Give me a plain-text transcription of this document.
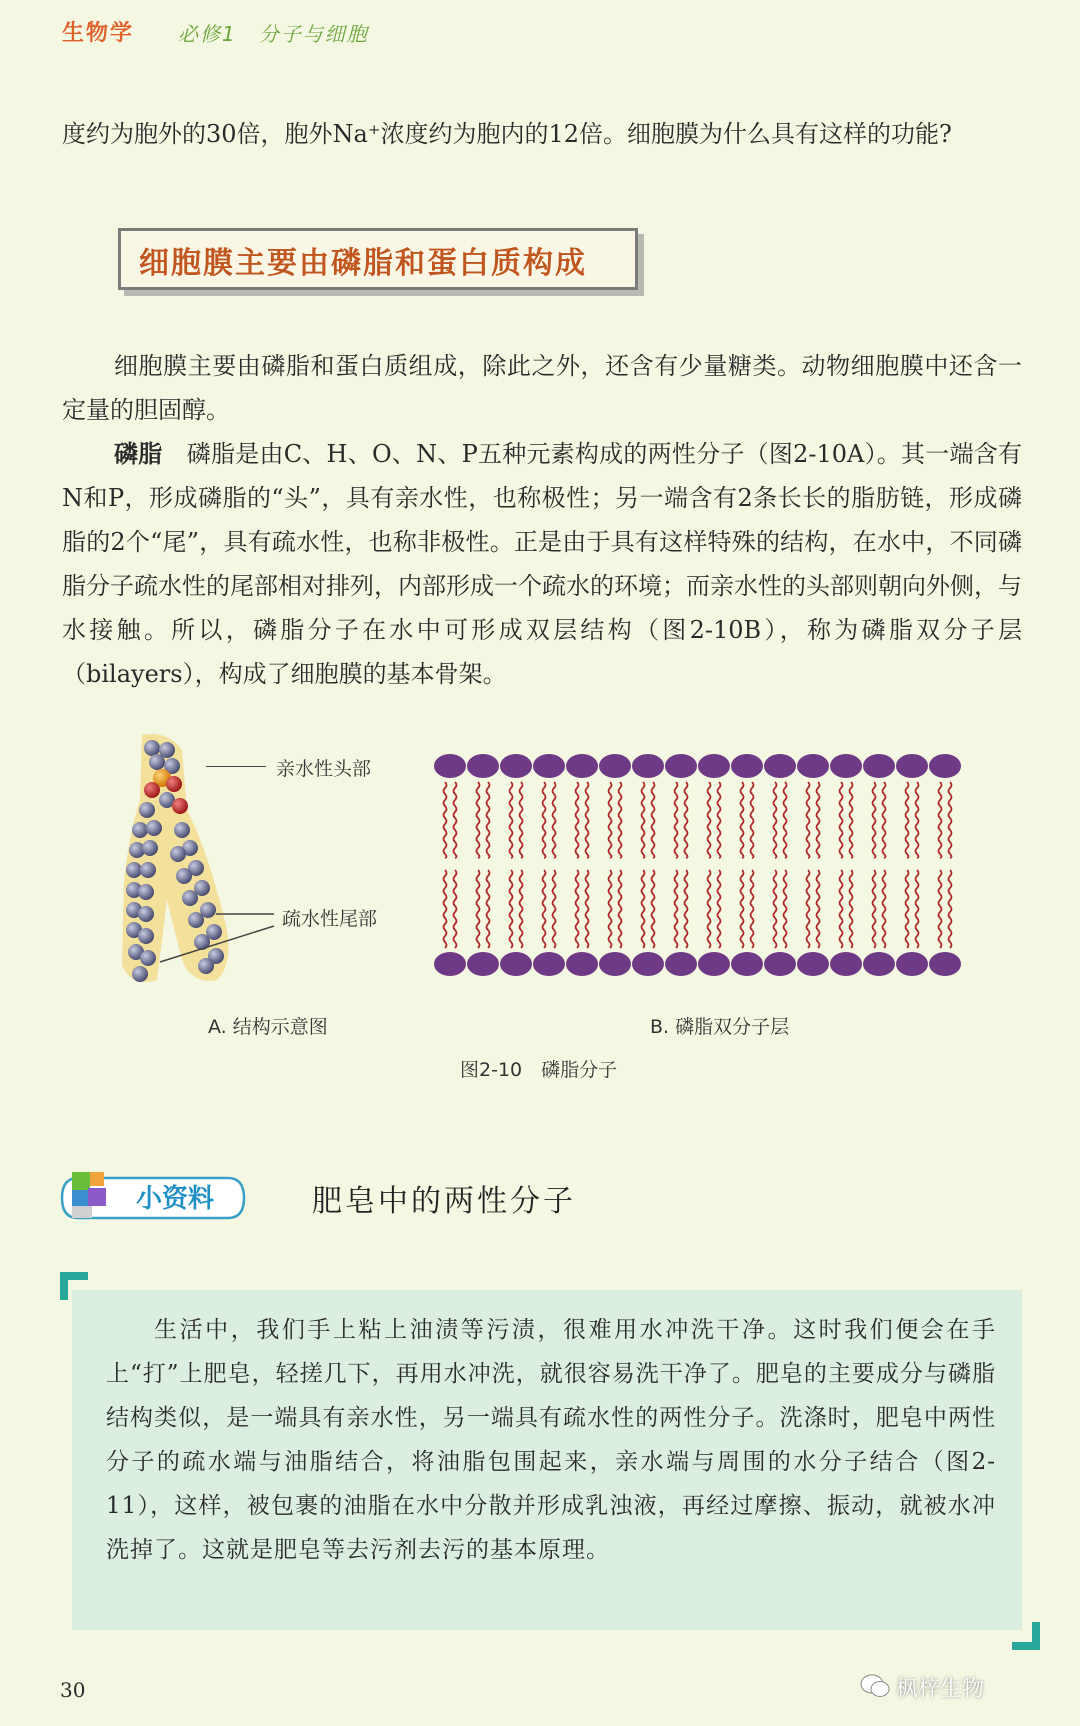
生物学 必修1　分子与细胞
度约为胞外的30倍，胞外Na⁺浓度约为胞内的12倍。细胞膜为什么具有这样的功能?
细胞膜主要由磷脂和蛋白质构成
细胞膜主要由磷脂和蛋白质组成，除此之外，还含有少量糖类。动物细胞膜中还含一定量的胆固醇。
磷脂　 磷脂是由C、H、O、N、P五种元素构成的两性分子（图2-10A）。其一端含有N和P，形成磷脂的“头”，具有亲水性，也称极性；另一端含有2条长长的脂肪链，形成磷脂的2个“尾”，具有疏水性，也称非极性。正是由于具有这样特殊的结构，在水中，不同磷脂分子疏水性的尾部相对排列，内部形成一个疏水的环境；而亲水性的头部则朝向外侧，与水接触。所以，磷脂分子在水中可形成双层结构（图2-10B），称为磷脂双分子层（bilayers），构成了细胞膜的基本骨架。
亲水性头部
疏水性尾部
A. 结构示意图	B. 磷脂双分子层
图2-10　磷脂分子
小资料	肥皂中的两性分子
生活中，我们手上粘上油渍等污渍，很难用水冲洗干净。这时我们便会在手上“打”上肥皂，轻搓几下，再用水冲洗，就很容易洗干净了。肥皂的主要成分与磷脂结构类似，是一端具有亲水性，另一端具有疏水性的两性分子。洗涤时，肥皂中两性分子的疏水端与油脂结合，将油脂包围起来，亲水端与周围的水分子结合（图2-11），这样，被包裹的油脂在水中分散并形成乳浊液，再经过摩擦、振动，就被水冲洗掉了。这就是肥皂等去污剂去污的基本原理。
30	枫梓生物
